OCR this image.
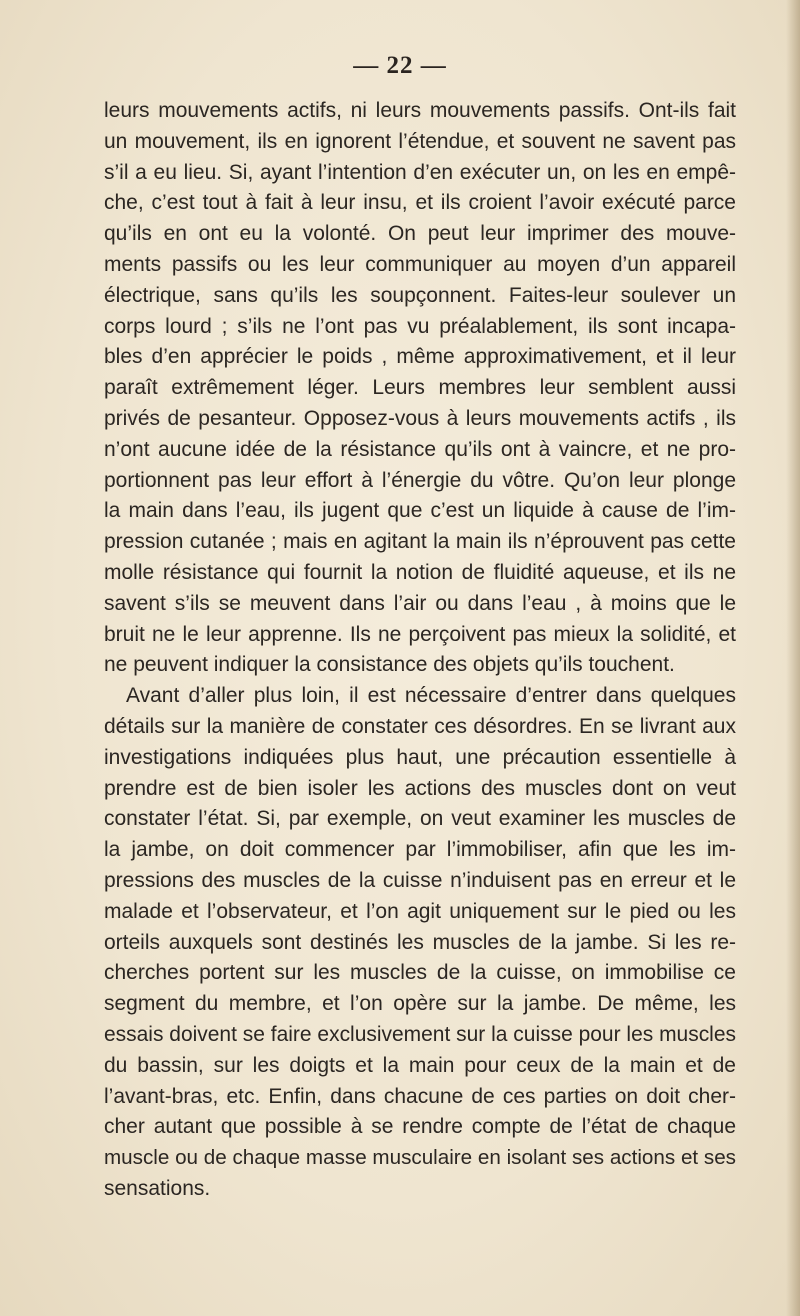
— 22 —
leurs mouvements actifs, ni leurs mouvements passifs. Ont-ils fait
un mouvement, ils en ignorent l’étendue, et souvent ne savent pas
s’il a eu lieu. Si, ayant l’intention d’en exécuter un, on les en empê-
che, c’est tout à fait à leur insu, et ils croient l’avoir exécuté parce
qu’ils en ont eu la volonté. On peut leur imprimer des mouve-
ments passifs ou les leur communiquer au moyen d’un appareil
électrique, sans qu’ils les soupçonnent. Faites-leur soulever un
corps lourd ; s’ils ne l’ont pas vu préalablement, ils sont incapa-
bles d’en apprécier le poids , même approximativement, et il leur
paraît extrêmement léger. Leurs membres leur semblent aussi
privés de pesanteur. Opposez-vous à leurs mouvements actifs , ils
n’ont aucune idée de la résistance qu’ils ont à vaincre, et ne pro-
portionnent pas leur effort à l’énergie du vôtre. Qu’on leur plonge
la main dans l’eau, ils jugent que c’est un liquide à cause de l’im-
pression cutanée ; mais en agitant la main ils n’éprouvent pas cette
molle résistance qui fournit la notion de fluidité aqueuse, et ils ne
savent s’ils se meuvent dans l’air ou dans l’eau , à moins que le
bruit ne le leur apprenne. Ils ne perçoivent pas mieux la solidité, et
ne peuvent indiquer la consistance des objets qu’ils touchent.
Avant d’aller plus loin, il est nécessaire d’entrer dans quelques
détails sur la manière de constater ces désordres. En se livrant aux
investigations indiquées plus haut, une précaution essentielle à
prendre est de bien isoler les actions des muscles dont on veut
constater l’état. Si, par exemple, on veut examiner les muscles de
la jambe, on doit commencer par l’immobiliser, afin que les im-
pressions des muscles de la cuisse n’induisent pas en erreur et le
malade et l’observateur, et l’on agit uniquement sur le pied ou les
orteils auxquels sont destinés les muscles de la jambe. Si les re-
cherches portent sur les muscles de la cuisse, on immobilise ce
segment du membre, et l’on opère sur la jambe. De même, les
essais doivent se faire exclusivement sur la cuisse pour les muscles
du bassin, sur les doigts et la main pour ceux de la main et de
l’avant-bras, etc. Enfin, dans chacune de ces parties on doit cher-
cher autant que possible à se rendre compte de l’état de chaque
muscle ou de chaque masse musculaire en isolant ses actions et ses
sensations.
